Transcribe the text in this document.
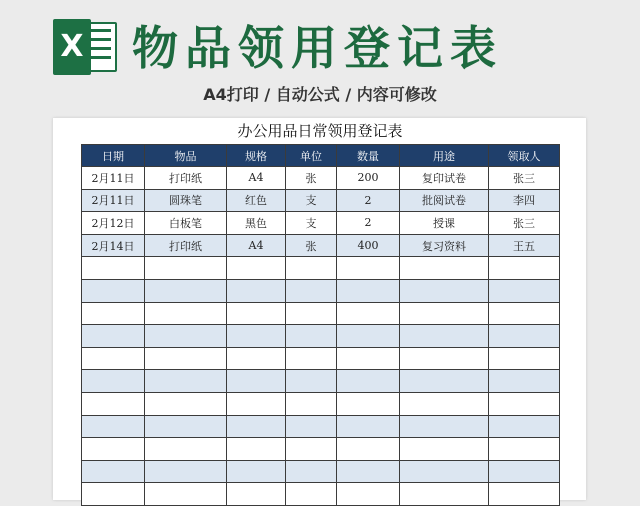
X 物品领用登记表
A4打印 / 自动公式 / 内容可修改
办公用品日常领用登记表
日期	物品	规格	单位	数量	用途	领取人
2月11日	打印纸	A4	张	200	复印试卷	张三
2月11日	圆珠笔	红色	支	2	批阅试卷	李四
2月12日	白板笔	黑色	支	2	授课	张三
2月14日	打印纸	A4	张	400	复习资料	王五
